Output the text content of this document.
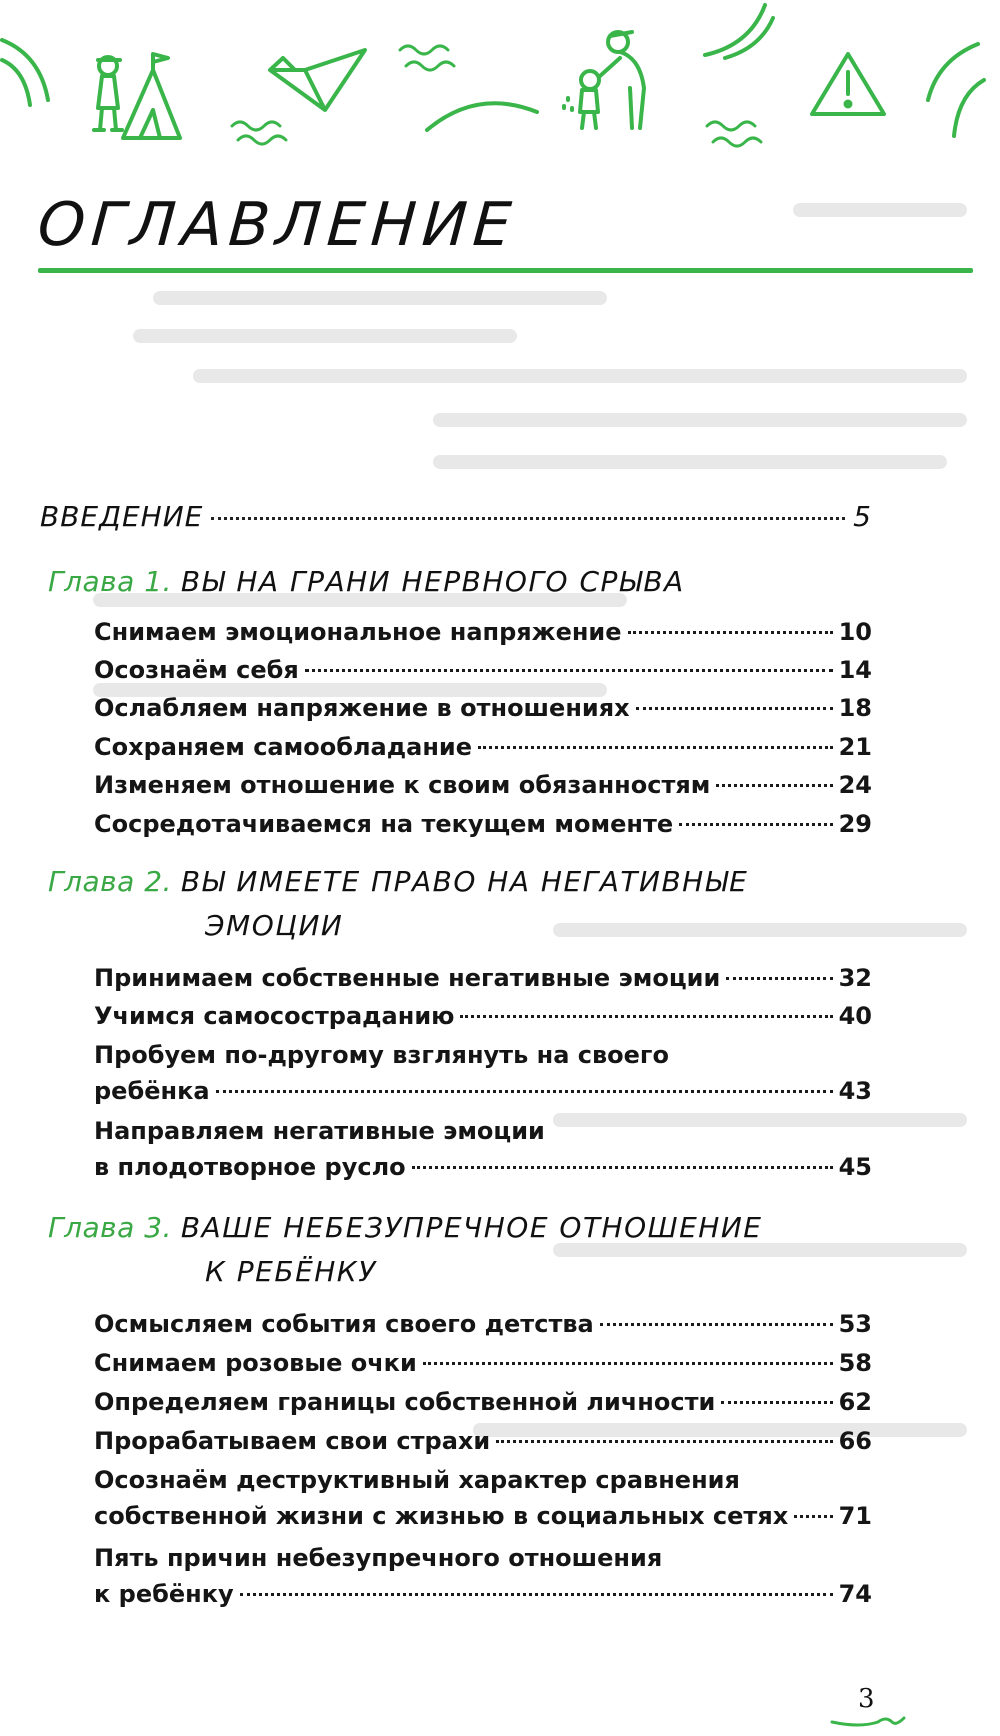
ОГЛАВЛЕНИЕ
ВВЕДЕНИЕ	5
Глава 1. ВЫ НА ГРАНИ НЕРВНОГО СРЫВА
Снимаем эмоциональное напряжение	10
Осознаём себя	14
Ослабляем напряжение в отношениях	18
Сохраняем самообладание	21
Изменяем отношение к своим обязанностям	24
Сосредотачиваемся на текущем моменте	29
Глава 2. ВЫ ИМЕЕТЕ ПРАВО НА НЕГАТИВНЫЕ
ЭМОЦИИ
Принимаем собственные негативные эмоции	32
Учимся самосостраданию	40
Пробуем по-другому взглянуть на своего
ребёнка	43
Направляем негативные эмоции
в плодотворное русло	45
Глава 3. ВАШЕ НЕБЕЗУПРЕЧНОЕ ОТНОШЕНИЕ
К РЕБЁНКУ
Осмысляем события своего детства	53
Снимаем розовые очки	58
Определяем границы собственной личности	62
Прорабатываем свои страхи	66
Осознаём деструктивный характер сравнения
собственной жизни с жизнью в социальных сетях 71
Пять причин небезупречного отношения
к ребёнку	74
3
